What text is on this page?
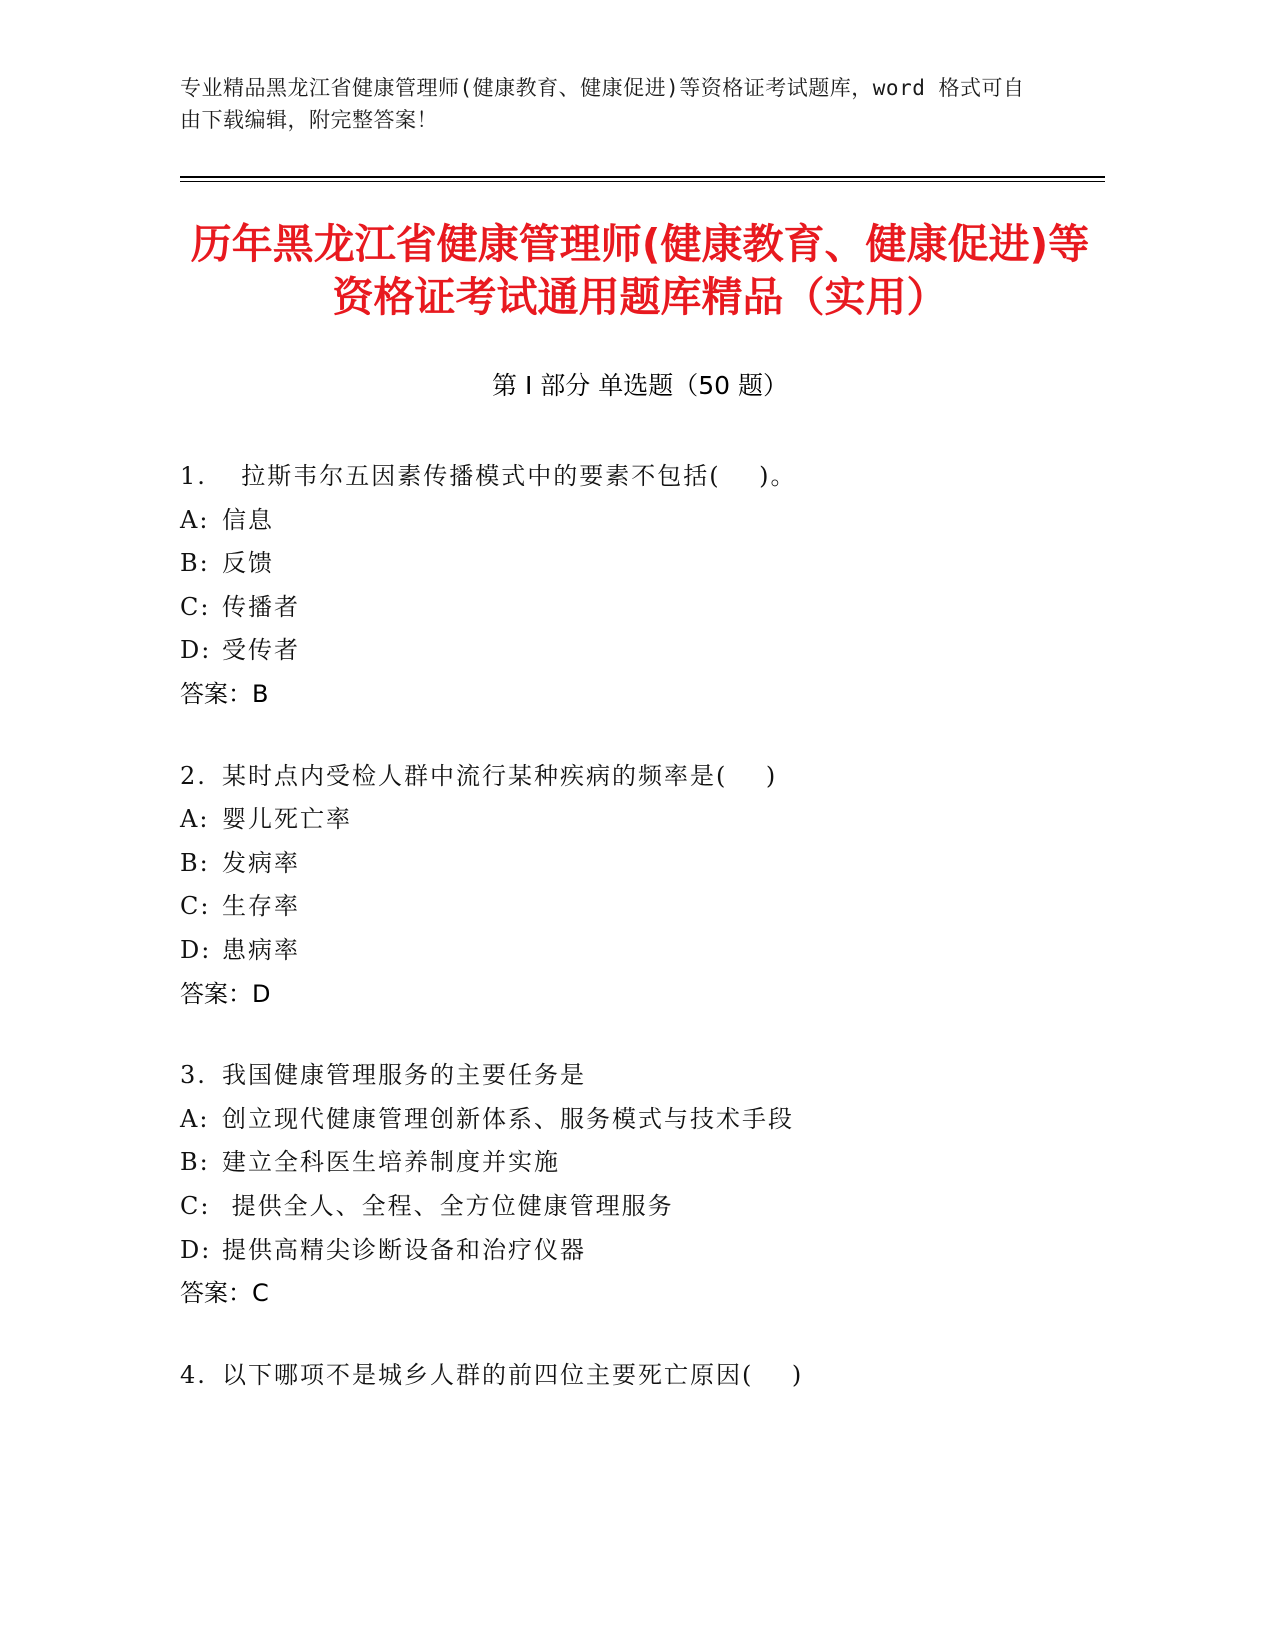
专业精品黑龙江省健康管理师(健康教育、健康促进)等资格证考试题库，word 格式可自由下载编辑，附完整答案！
历年黑龙江省健康管理师(健康教育、健康促进)等资格证考试通用题库精品（实用）
第 I 部分 单选题（50 题）
1.  拉斯韦尔五因素传播模式中的要素不包括(    )。
A: 信息
B: 反馈
C: 传播者
D: 受传者
答案：B
2. 某时点内受检人群中流行某种疾病的频率是(    )
A: 婴儿死亡率
B: 发病率
C: 生存率
D: 患病率
答案：D
3. 我国健康管理服务的主要任务是
A: 创立现代健康管理创新体系、服务模式与技术手段
B: 建立全科医生培养制度并实施
C: 提供全人、全程、全方位健康管理服务
D: 提供高精尖诊断设备和治疗仪器
答案：C
4. 以下哪项不是城乡人群的前四位主要死亡原因(    )
